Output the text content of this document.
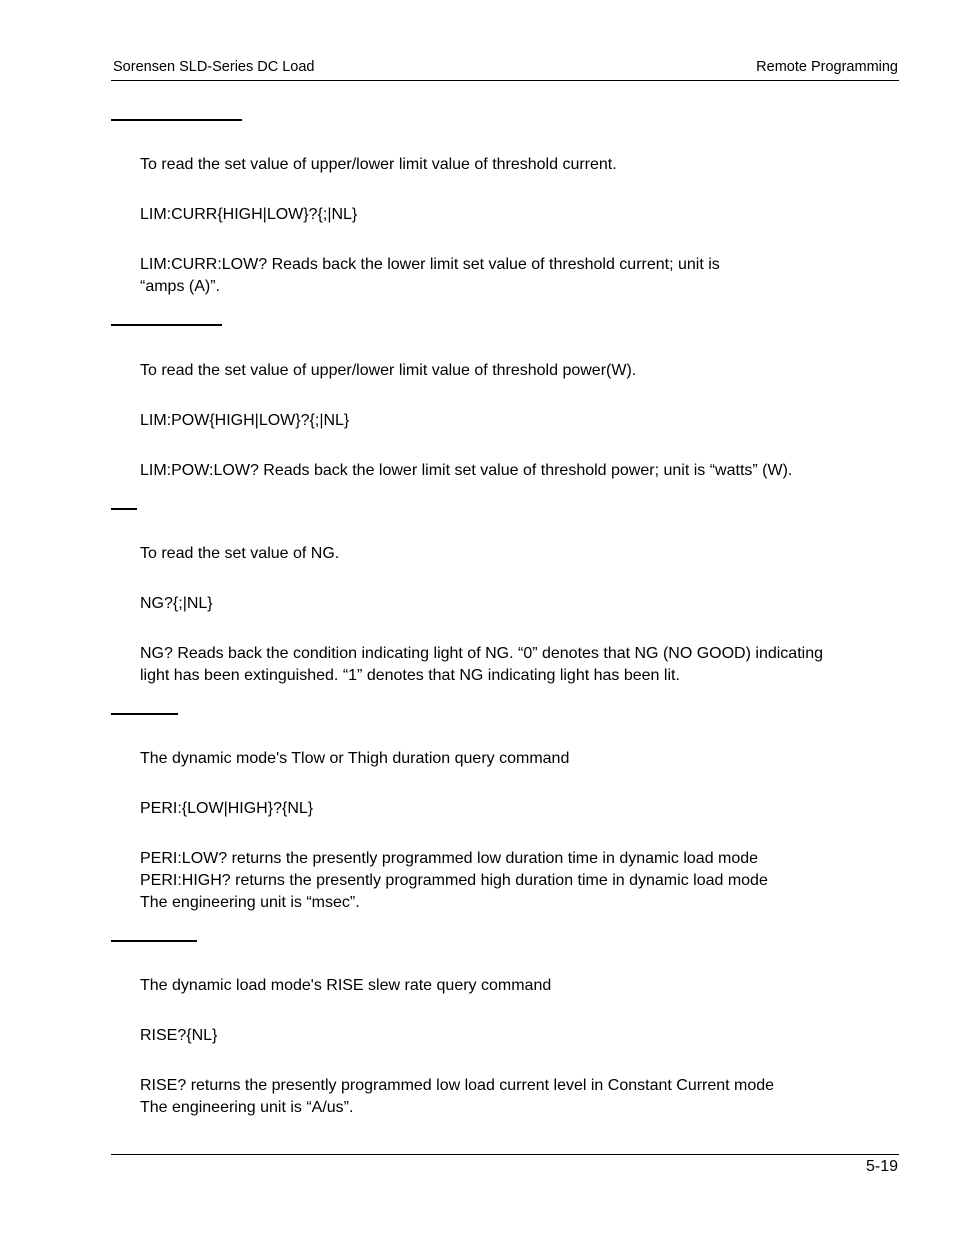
Sorensen SLD-Series DC Load	Remote Programming
To read the set value of upper/lower limit value of threshold current.
LIM:CURR{HIGH|LOW}?{;|NL}
LIM:CURR:LOW? Reads back the lower limit set value of threshold current; unit is
“amps (A)”.
To read the set value of upper/lower limit value of threshold power(W).
LIM:POW{HIGH|LOW}?{;|NL}
LIM:POW:LOW? Reads back the lower limit set value of threshold power; unit is “watts” (W).
To read the set value of NG.
NG?{;|NL}
NG? Reads back the condition indicating light of NG. “0” denotes that NG (NO GOOD) indicating
light has been extinguished. “1” denotes that NG indicating light has been lit.
The dynamic mode's Tlow or Thigh duration query command
PERI:{LOW|HIGH}?{NL}
PERI:LOW? returns the presently programmed low duration time in dynamic load mode
PERI:HIGH? returns the presently programmed high duration time in dynamic load mode
The engineering unit is “msec”.
The dynamic load mode's RISE slew rate query command
RISE?{NL}
RISE? returns the presently programmed low load current level in Constant Current mode
The engineering unit is “A/us”.
5-19
